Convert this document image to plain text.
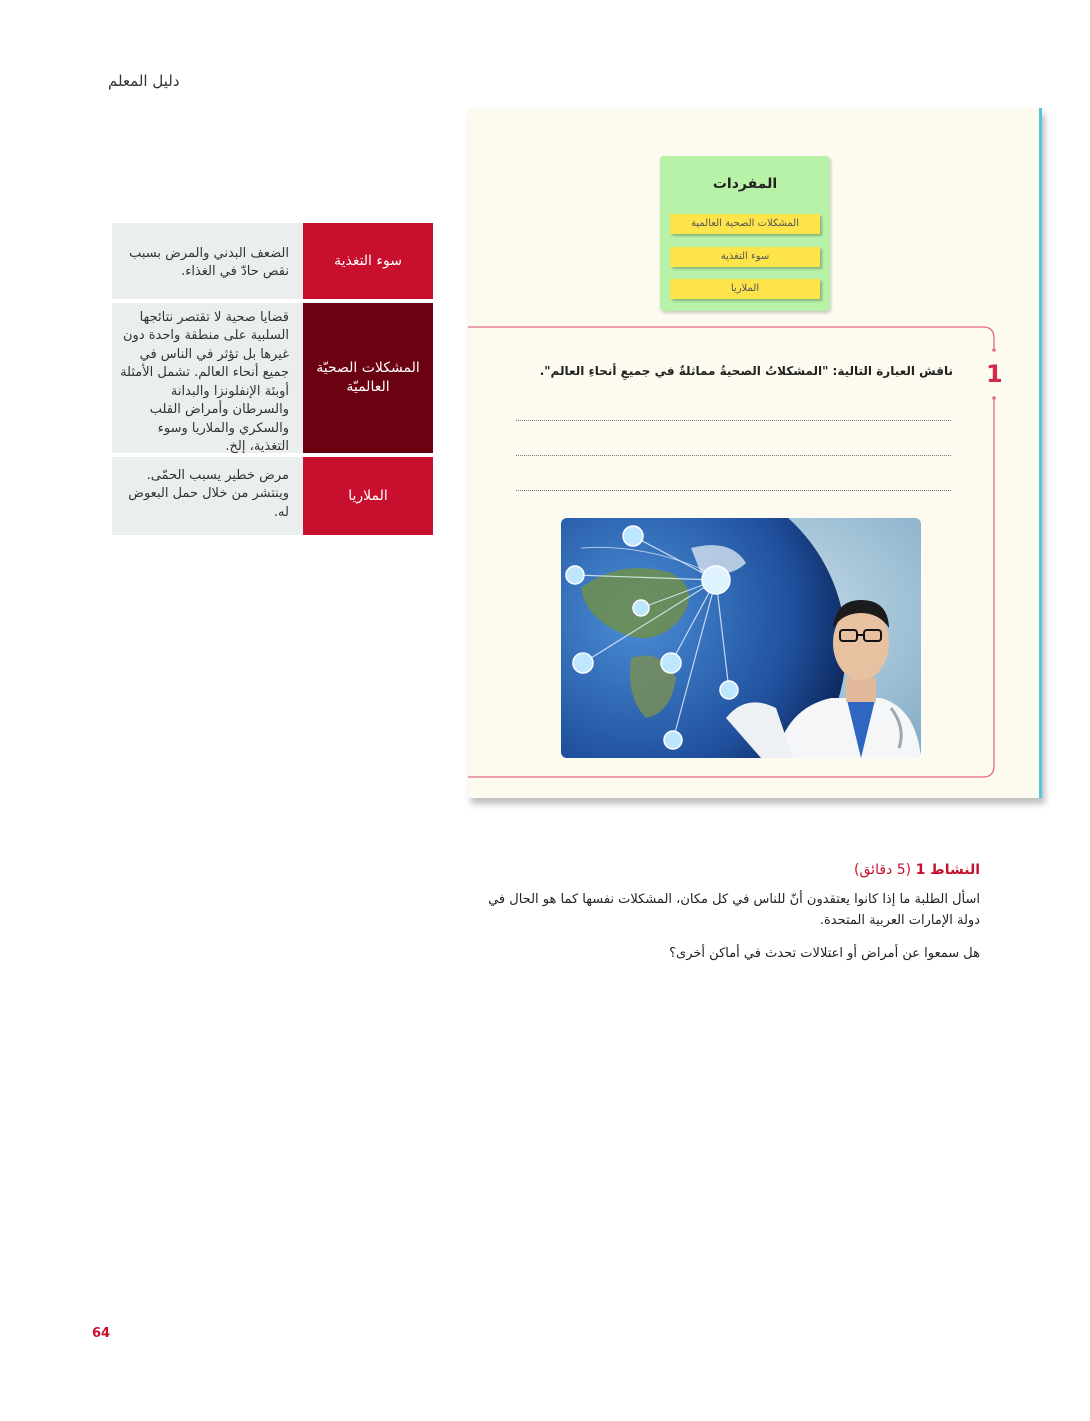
دليل المعلم
سوء التغذية
الضعف البدني والمرض بسبب نقص حادّ في الغذاء.
المشكلات الصحيّة العالميّة
قضايا صحية لا تقتصر نتائجها السلبية على منطقة واحدة دون غيرها بل تؤثر في الناس في جميع أنحاء العالم. تشمل الأمثلة أوبئة الإنفلونزا والبدانة والسرطان وأمراض القلب والسكري والملاريا وسوء التغذية، إلخ.
الملاريا
مرض خطير يسبب الحمّى. وينتشر من خلال حمل البعوض له.
المفردات
المشكلات الصحية العالمية
سوء التغذية
الملاريا
1
ناقش العبارة التالية: "المشكلاتُ الصحيةُ مماثلةٌ في جميعِ أنحاءِ العالم".
النشاط 1 (5 دقائق)
اسأل الطلبة ما إذا كانوا يعتقدون أنّ للناس في كل مكان، المشكلات نفسها كما هو الحال في دولة الإمارات العربية المتحدة.
هل سمعوا عن أمراض أو اعتلالات تحدث في أماكن أخرى؟
64
